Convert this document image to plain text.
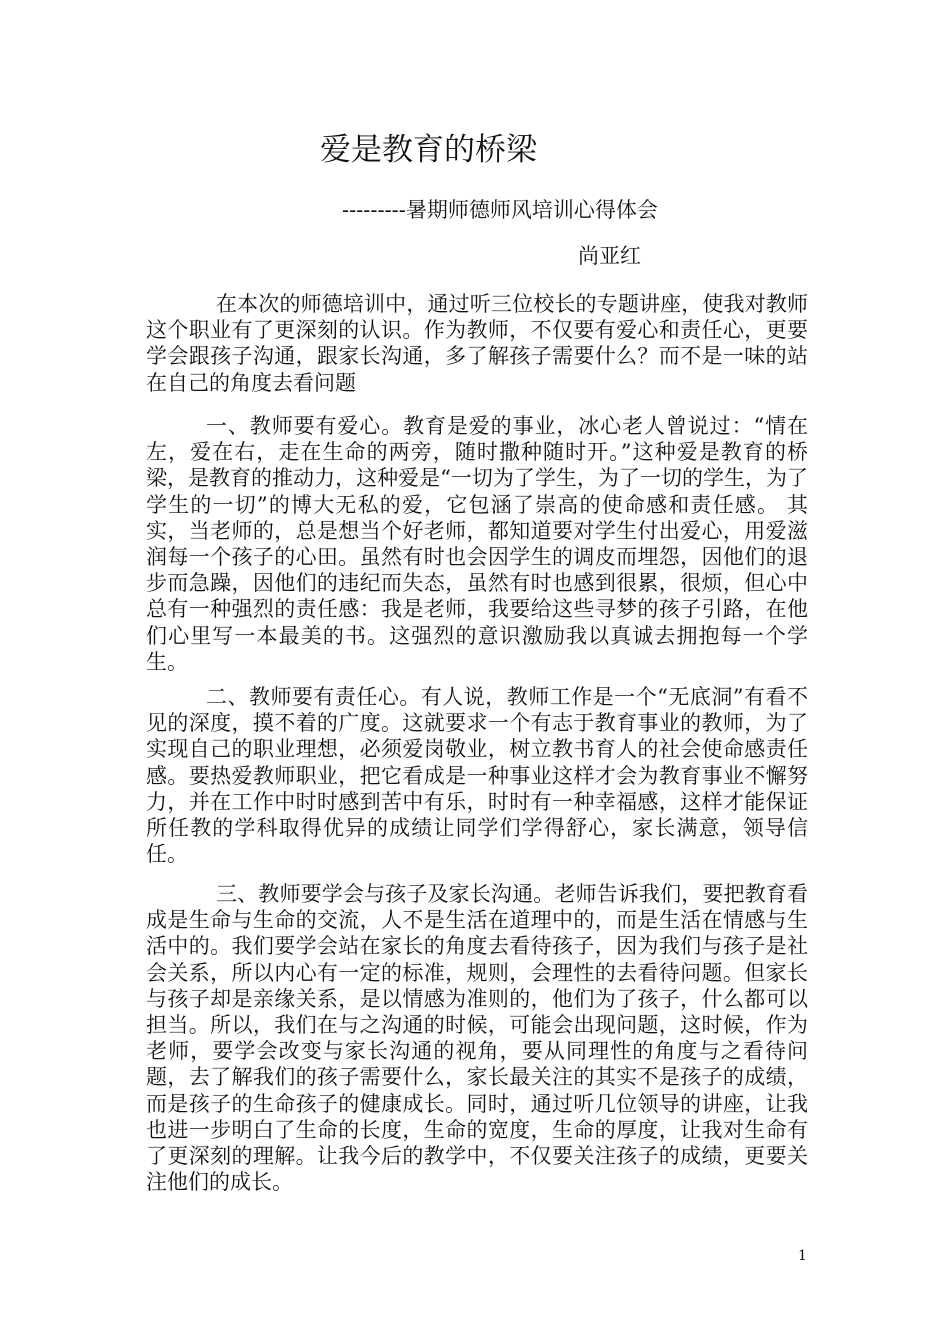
爱是教育的桥梁
---------暑期师德师风培训心得体会
尚亚红

在本次的师德培训中，通过听三位校长的专题讲座，使我对教师这个职业有了更深刻的认识。作为教师，不仅要有爱心和责任心，更要学会跟孩子沟通，跟家长沟通，多了解孩子需要什么？而不是一味的站在自己的角度去看问题

一、教师要有爱心。教育是爱的事业，冰心老人曾说过：“情在左，爱在右，走在生命的两旁，随时撒种随时开。”这种爱是教育的桥梁，是教育的推动力，这种爱是“一切为了学生，为了一切的学生，为了学生的一切”的博大无私的爱，它包涵了崇高的使命感和责任感。 其实，当老师的，总是想当个好老师，都知道要对学生付出爱心，用爱滋润每一个孩子的心田。虽然有时也会因学生的调皮而埋怨，因他们的退步而急躁，因他们的违纪而失态，虽然有时也感到很累，很烦，但心中总有一种强烈的责任感：我是老师，我要给这些寻梦的孩子引路，在他们心里写一本最美的书。这强烈的意识激励我以真诚去拥抱每一个学生。

二、教师要有责任心。有人说，教师工作是一个“无底洞”有看不见的深度，摸不着的广度。这就要求一个有志于教育事业的教师，为了实现自己的职业理想，必须爱岗敬业，树立教书育人的社会使命感责任感。要热爱教师职业，把它看成是一种事业这样才会为教育事业不懈努力，并在工作中时时感到苦中有乐，时时有一种幸福感，这样才能保证所任教的学科取得优异的成绩让同学们学得舒心，家长满意，领导信任。

三、教师要学会与孩子及家长沟通。老师告诉我们，要把教育看成是生命与生命的交流，人不是生活在道理中的，而是生活在情感与生活中的。我们要学会站在家长的角度去看待孩子，因为我们与孩子是社会关系，所以内心有一定的标准，规则，会理性的去看待问题。但家长与孩子却是亲缘关系，是以情感为准则的，他们为了孩子，什么都可以担当。所以，我们在与之沟通的时候，可能会出现问题，这时候，作为老师，要学会改变与家长沟通的视角，要从同理性的角度与之看待问题，去了解我们的孩子需要什么，家长最关注的其实不是孩子的成绩，而是孩子的生命孩子的健康成长。同时，通过听几位领导的讲座，让我也进一步明白了生命的长度，生命的宽度，生命的厚度，让我对生命有了更深刻的理解。让我今后的教学中，不仅要关注孩子的成绩，更要关注他们的成长。

1
